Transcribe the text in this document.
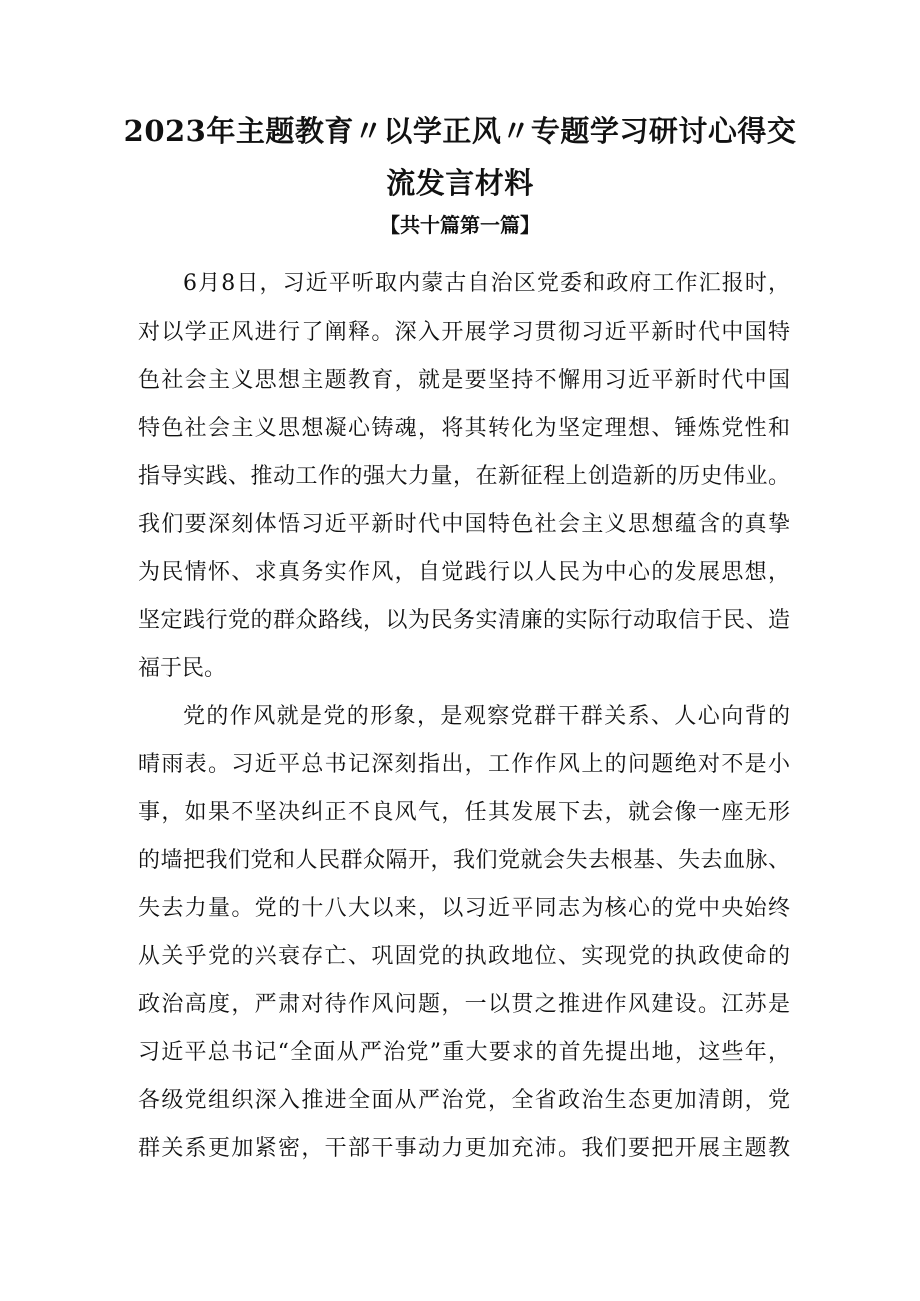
2023年主题教育〃以学正风〃专题学习研讨心得交
流发言材料
【共十篇第一篇】

6月8日，习近平听取内蒙古自治区党委和政府工作汇报时，

对以学正风进行了阐释。深入开展学习贯彻习近平新时代中国特

色社会主义思想主题教育，就是要坚持不懈用习近平新时代中国

特色社会主义思想凝心铸魂，将其转化为坚定理想、锤炼党性和

指导实践、推动工作的强大力量，在新征程上创造新的历史伟业。

我们要深刻体悟习近平新时代中国特色社会主义思想蕴含的真挚

为民情怀、求真务实作风，自觉践行以人民为中心的发展思想，

坚定践行党的群众路线，以为民务实清廉的实际行动取信于民、造

福于民。

党的作风就是党的形象，是观察党群干群关系、人心向背的

晴雨表。习近平总书记深刻指出，工作作风上的问题绝对不是小

事，如果不坚决纠正不良风气，任其发展下去，就会像一座无形

的墙把我们党和人民群众隔开，我们党就会失去根基、失去血脉、

失去力量。党的十八大以来，以习近平同志为核心的党中央始终

从关乎党的兴衰存亡、巩固党的执政地位、实现党的执政使命的

政治高度，严肃对待作风问题，一以贯之推进作风建设。江苏是

习近平总书记“全面从严治党”重大要求的首先提出地，这些年，

各级党组织深入推进全面从严治党，全省政治生态更加清朗，党

群关系更加紧密，干部干事动力更加充沛。我们要把开展主题教
